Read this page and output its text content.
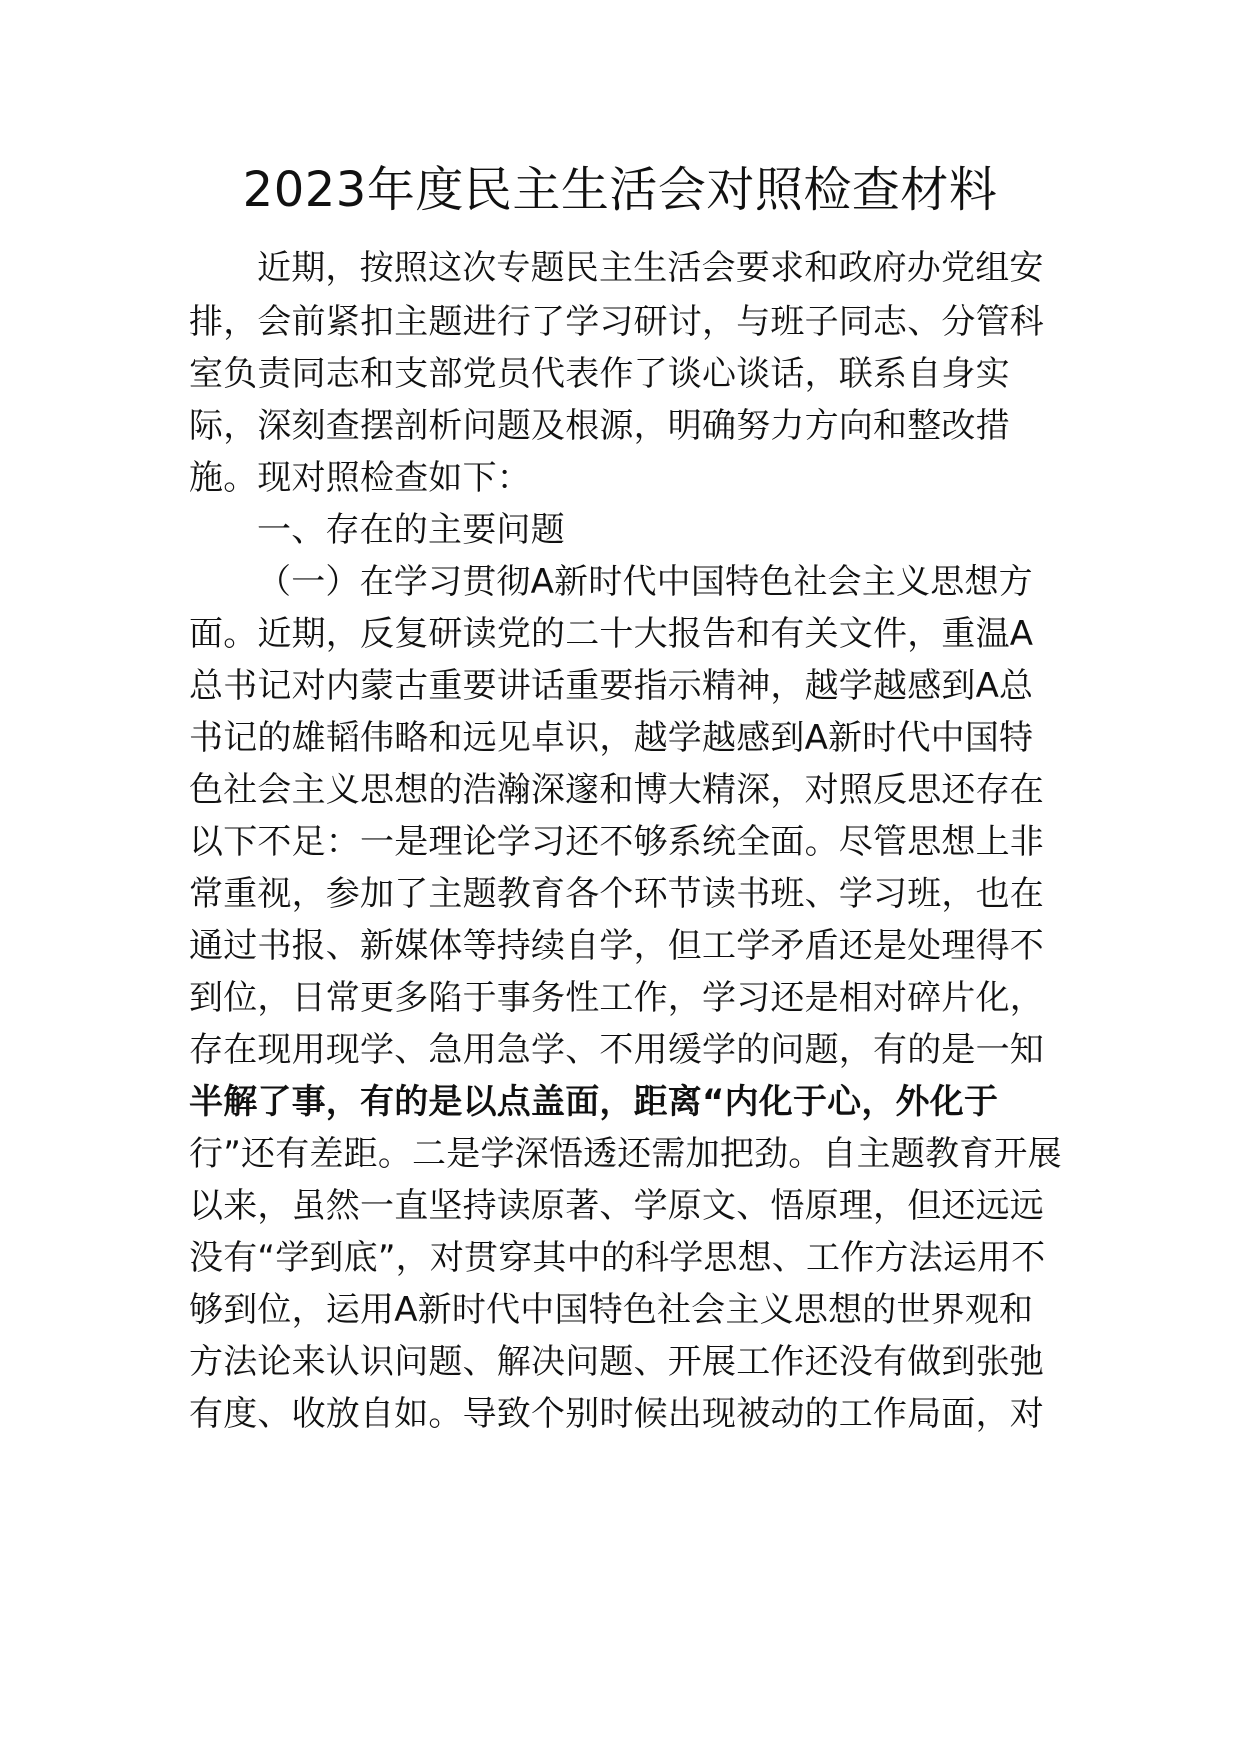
2023年度民主生活会对照检查材料
近期，按照这次专题民主生活会要求和政府办党组安
排，会前紧扣主题进行了学习研讨，与班子同志、分管科
室负责同志和支部党员代表作了谈心谈话，联系自身实
际，深刻查摆剖析问题及根源，明确努力方向和整改措
施。现对照检查如下：
一、存在的主要问题
（一）在学习贯彻A新时代中国特色社会主义思想方
面。近期，反复研读党的二十大报告和有关文件，重温A
总书记对内蒙古重要讲话重要指示精神，越学越感到A总
书记的雄韬伟略和远见卓识，越学越感到A新时代中国特
色社会主义思想的浩瀚深邃和博大精深，对照反思还存在
以下不足：一是理论学习还不够系统全面。尽管思想上非
常重视，参加了主题教育各个环节读书班、学习班，也在
通过书报、新媒体等持续自学，但工学矛盾还是处理得不
到位，日常更多陷于事务性工作，学习还是相对碎片化，
存在现用现学、急用急学、不用缓学的问题，有的是一知
半解了事，有的是以点盖面，距离“内化于心，外化于
行”还有差距。二是学深悟透还需加把劲。自主题教育开展
以来，虽然一直坚持读原著、学原文、悟原理，但还远远
没有“学到底”，对贯穿其中的科学思想、工作方法运用不
够到位，运用A新时代中国特色社会主义思想的世界观和
方法论来认识问题、解决问题、开展工作还没有做到张弛
有度、收放自如。导致个别时候出现被动的工作局面，对
